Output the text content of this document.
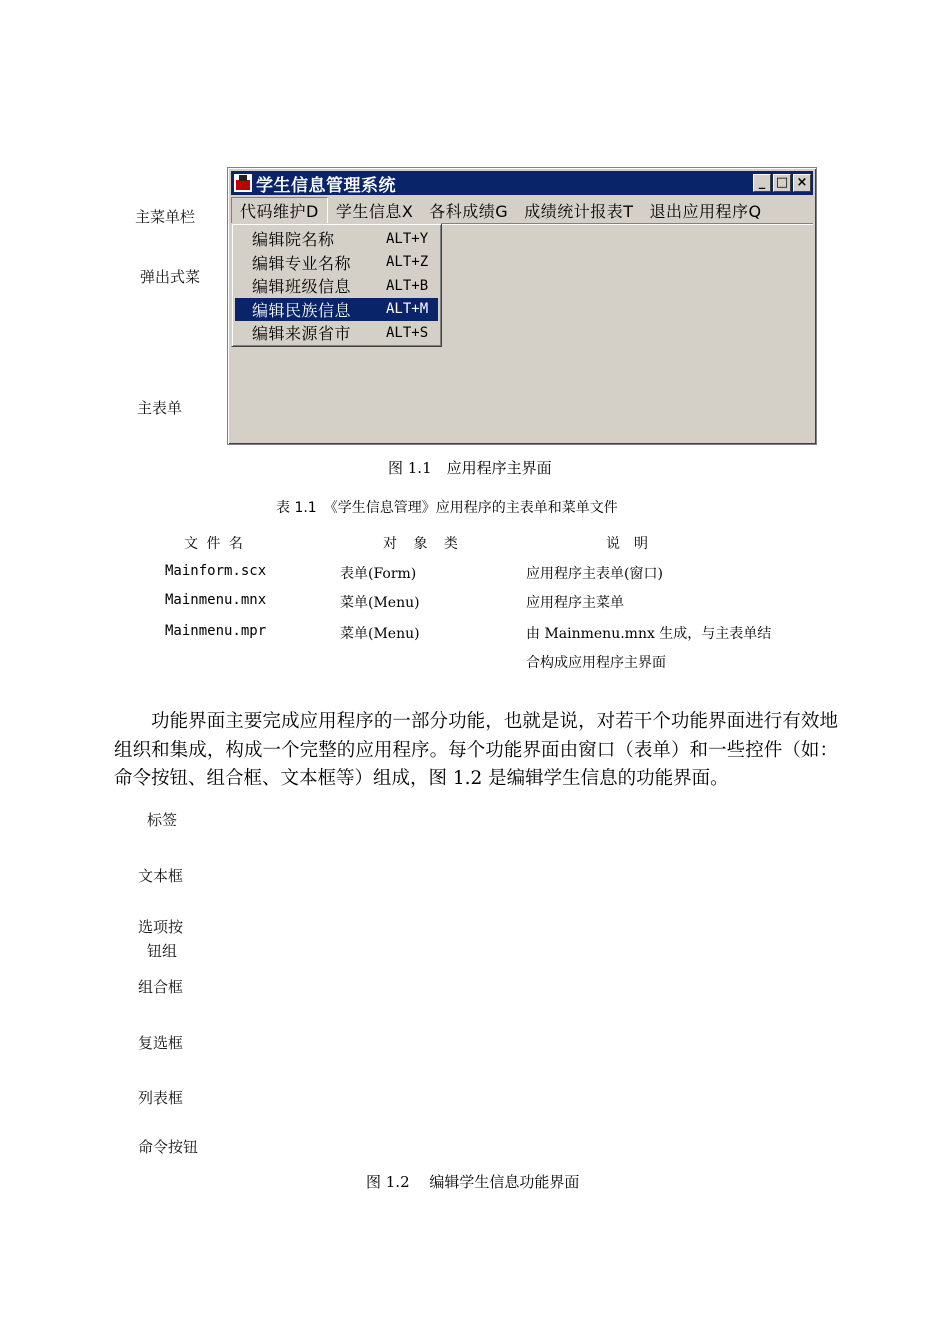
主菜单栏
弹出式菜
主表单
学生信息管理系统	_ □ ×
代码维护D	学生信息X	各科成绩G	成绩统计报表T	退出应用程序Q
编辑院名称	ALT+Y
编辑专业名称	ALT+Z
编辑班级信息	ALT+B
编辑民族信息	ALT+M
编辑来源省市	ALT+S
图 1.1　应用程序主界面
表 1.1　《学生信息管理》应用程序的主表单和菜单文件
文 件 名	对 象 类	说　明
Mainform.scx	表单(Form)	应用程序主表单(窗口)
Mainmenu.mnx	菜单(Menu)	应用程序主菜单
Mainmenu.mpr	菜单(Menu)	由 Mainmenu.mnx 生成，与主表单结
合构成应用程序主界面
功能界面主要完成应用程序的一部分功能，也就是说，对若干个功能界面进行有效地组织和集成，构成一个完整的应用程序。每个功能界面由窗口（表单）和一些控件（如：命令按钮、组合框、文本框等）组成，图 1.2 是编辑学生信息的功能界面。
标签
文本框
选项按
钮组
组合框
复选框
列表框
命令按钮
图 1.2　 编辑学生信息功能界面
